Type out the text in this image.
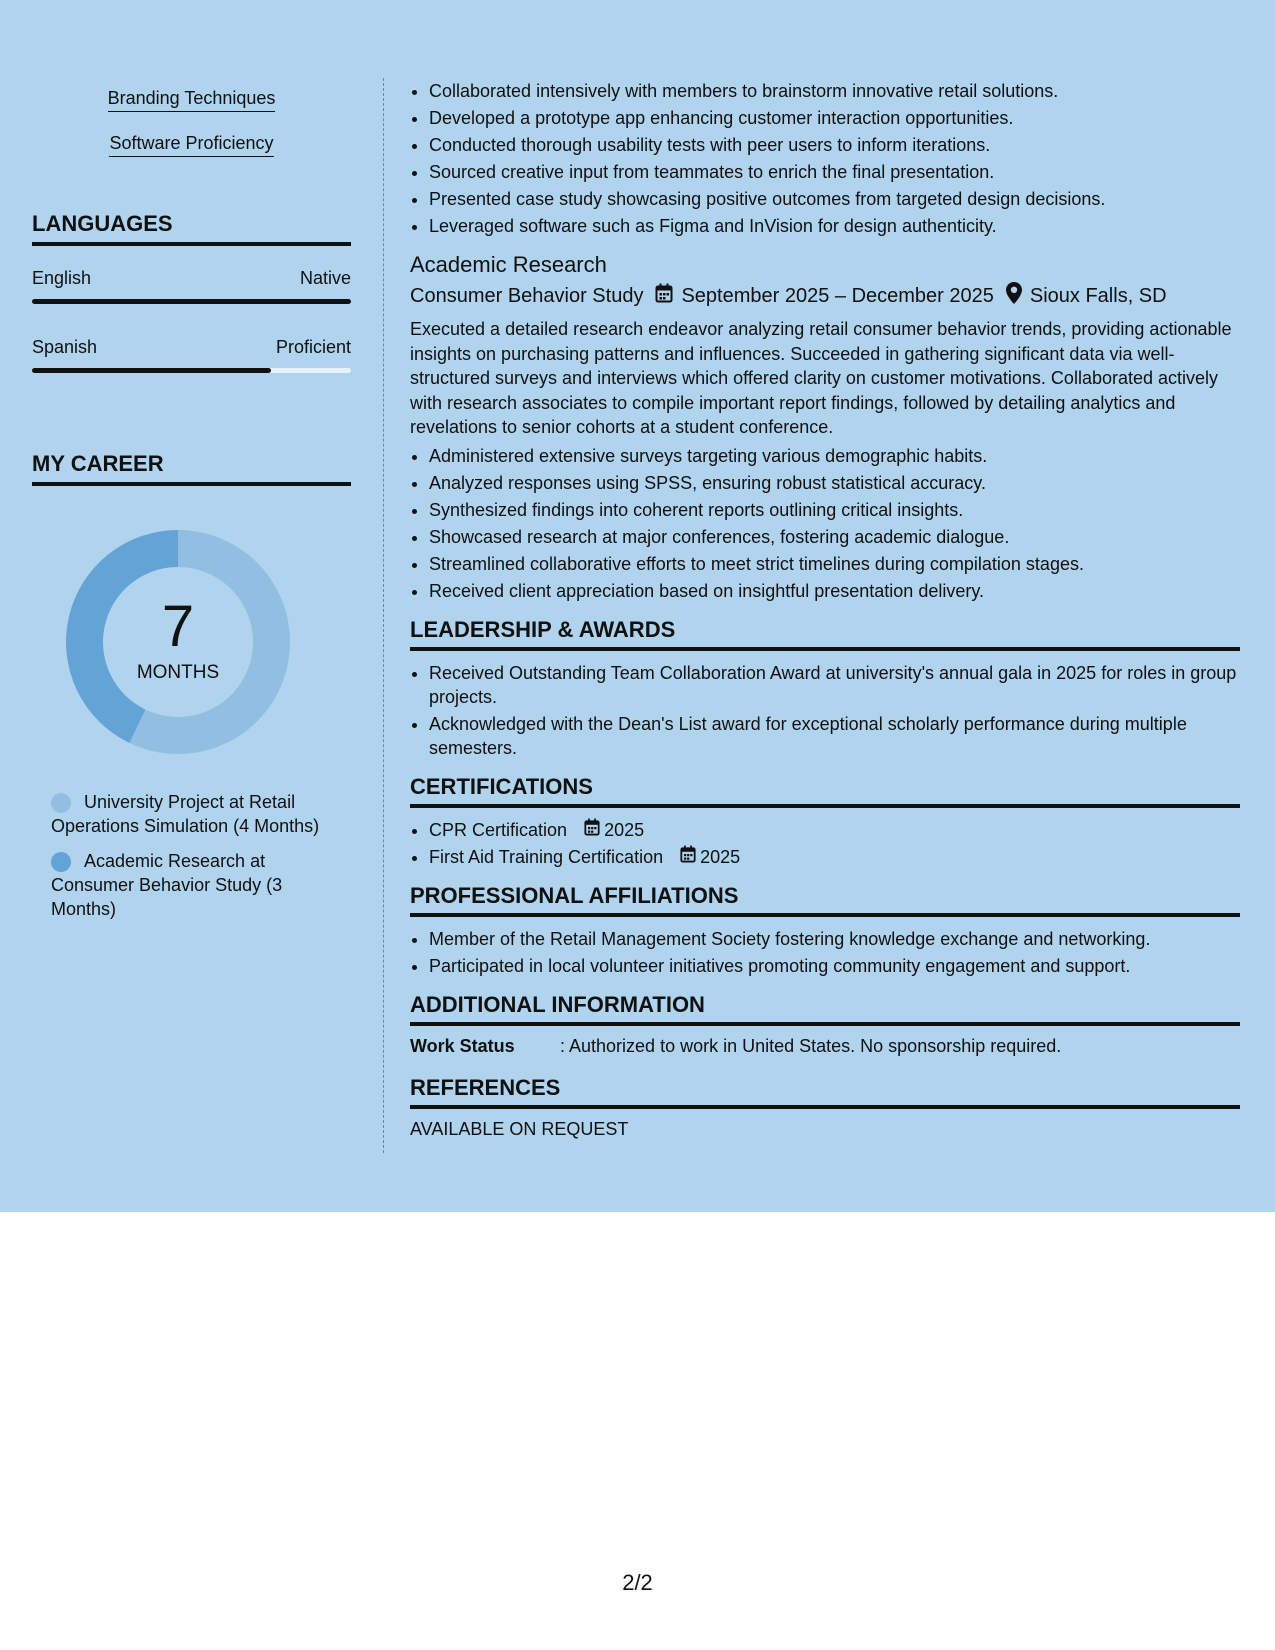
Branding Techniques
Software Proficiency
LANGUAGES
English	Native
Spanish	Proficient
MY CAREER
7
MONTHS
University Project at Retail Operations Simulation (4 Months)
Academic Research at Consumer Behavior Study (3 Months)
• Collaborated intensively with members to brainstorm innovative retail solutions.
• Developed a prototype app enhancing customer interaction opportunities.
• Conducted thorough usability tests with peer users to inform iterations.
• Sourced creative input from teammates to enrich the final presentation.
• Presented case study showcasing positive outcomes from targeted design decisions.
• Leveraged software such as Figma and InVision for design authenticity.

Academic Research

Consumer Behavior Study September 2025 – December 2025 Sioux Falls, SD

Executed a detailed research endeavor analyzing retail consumer behavior trends, providing actionable insights on purchasing patterns and influences. Succeeded in gathering significant data via well-structured surveys and interviews which offered clarity on customer motivations. Collaborated actively with research associates to compile important report findings, followed by detailing analytics and revelations to senior cohorts at a student conference.

• Administered extensive surveys targeting various demographic habits.
• Analyzed responses using SPSS, ensuring robust statistical accuracy.
• Synthesized findings into coherent reports outlining critical insights.
• Showcased research at major conferences, fostering academic dialogue.
• Streamlined collaborative efforts to meet strict timelines during compilation stages.
• Received client appreciation based on insightful presentation delivery.

LEADERSHIP & AWARDS

• Received Outstanding Team Collaboration Award at university's annual gala in 2025 for roles in group projects.
• Acknowledged with the Dean's List award for exceptional scholarly performance during multiple semesters.

CERTIFICATIONS

• CPR Certification 2025
• First Aid Training Certification 2025

PROFESSIONAL AFFILIATIONS

• Member of the Retail Management Society fostering knowledge exchange and networking.
• Participated in local volunteer initiatives promoting community engagement and support.

ADDITIONAL INFORMATION

Work Status	: Authorized to work in United States. No sponsorship required.

REFERENCES

AVAILABLE ON REQUEST
2/2
